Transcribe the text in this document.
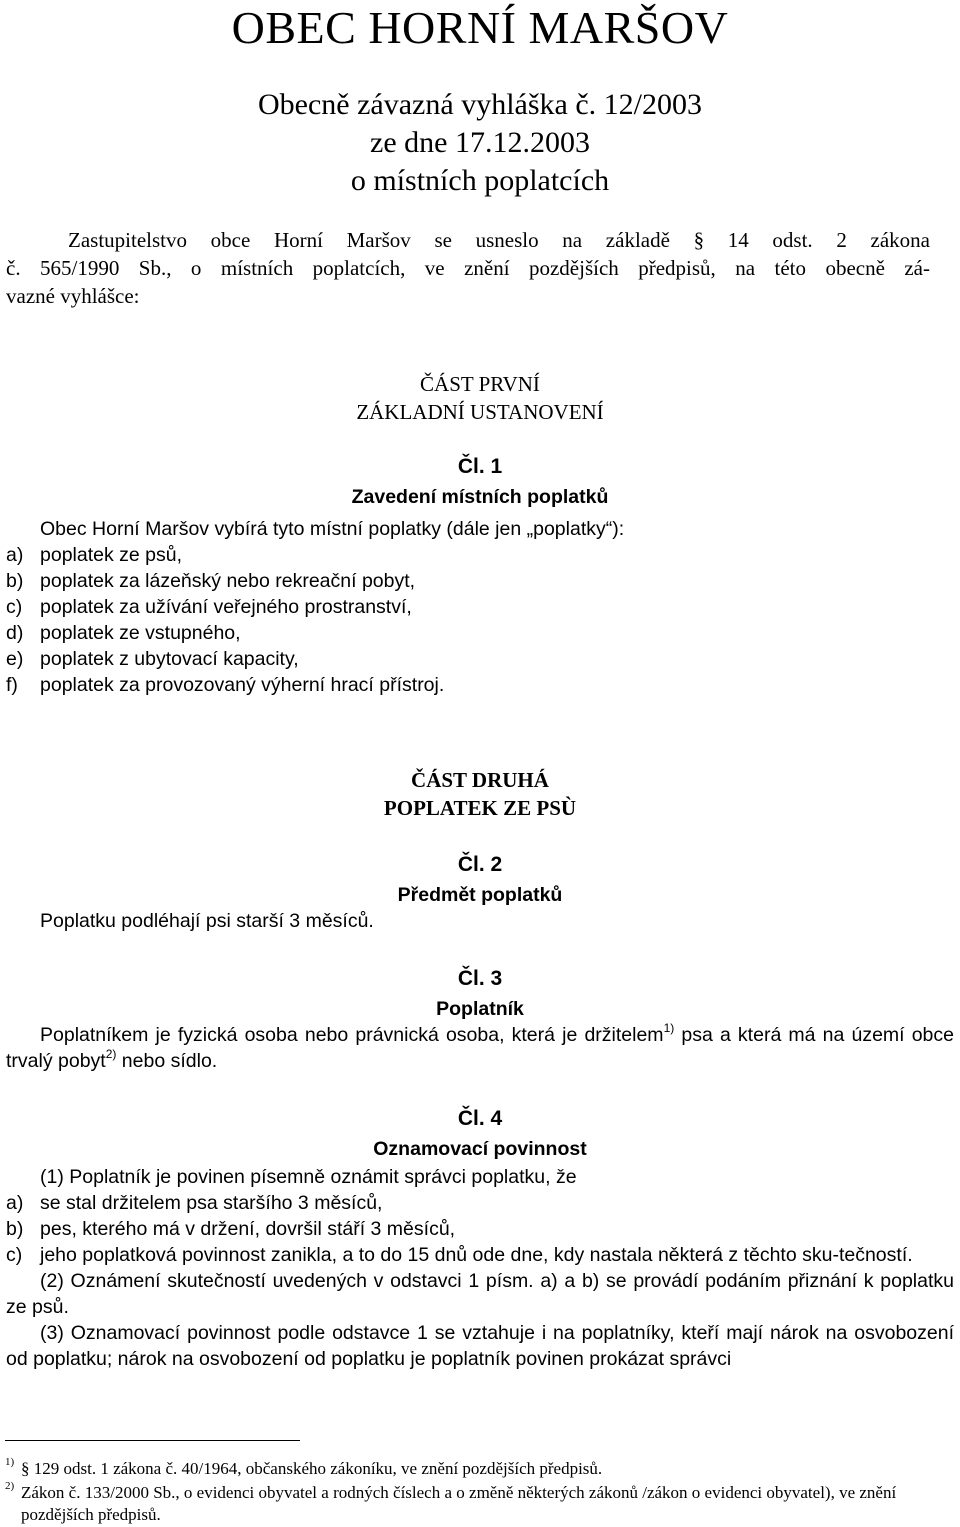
OBEC HORNÍ MARŠOV
Obecně závazná vyhláška č. 12/2003
ze dne 17.12.2003
o místních poplatcích
Zastupitelstvo obce Horní Maršov se usneslo na základě § 14 odst. 2 zákona
č. 565/1990 Sb., o místních poplatcích, ve znění pozdějších předpisů, na této obecně zá-
vazné vyhlášce:
ČÁST PRVNÍ
ZÁKLADNÍ USTANOVENÍ
Čl. 1
Zavedení místních poplatků
Obec Horní Maršov vybírá tyto místní poplatky (dále jen „poplatky“):
a) poplatek ze psů,
b) poplatek za lázeňský nebo rekreační pobyt,
c) poplatek za užívání veřejného prostranství,
d) poplatek ze vstupného,
e) poplatek z ubytovací kapacity,
f) poplatek za provozovaný výherní hrací přístroj.
ČÁST DRUHÁ
POPLATEK ZE PSÙ
Čl. 2
Předmět poplatků
Poplatku podléhají psi starší 3 měsíců.
Čl. 3
Poplatník

Poplatníkem je fyzická osoba nebo právnická osoba, která je držitelem$^{1)}$ psa a která má na území obce trvalý pobyt$^{2)}$ nebo sídlo.

Čl. 4
Oznamovací povinnost

(1) Poplatník je povinen písemně oznámit správci poplatku, že

a) se stal držitelem psa staršího 3 měsíců,
b) pes, kterého má v držení, dovršil stáří 3 měsíců,
c) jeho poplatková povinnost zanikla, a to do 15 dnů ode dne, kdy nastala některá z těchto sku-tečností.

(2) Oznámení skutečností uvedených v odstavci 1 písm. a) a b) se provádí podáním přiznání k poplatku ze psů.

(3) Oznamovací povinnost podle odstavce 1 se vztahuje i na poplatníky, kteří mají nárok na osvobození od poplatku; nárok na osvobození od poplatku je poplatník povinen prokázat správci

1) § 129 odst. 1 zákona č. 40/1964, občanského zákoníku, ve znění pozdějších předpisů.
2) Zákon č. 133/2000 Sb., o evidenci obyvatel a rodných číslech a o změně některých zákonů /zákon o evidenci obyvatel), ve znění pozdějších předpisů.
